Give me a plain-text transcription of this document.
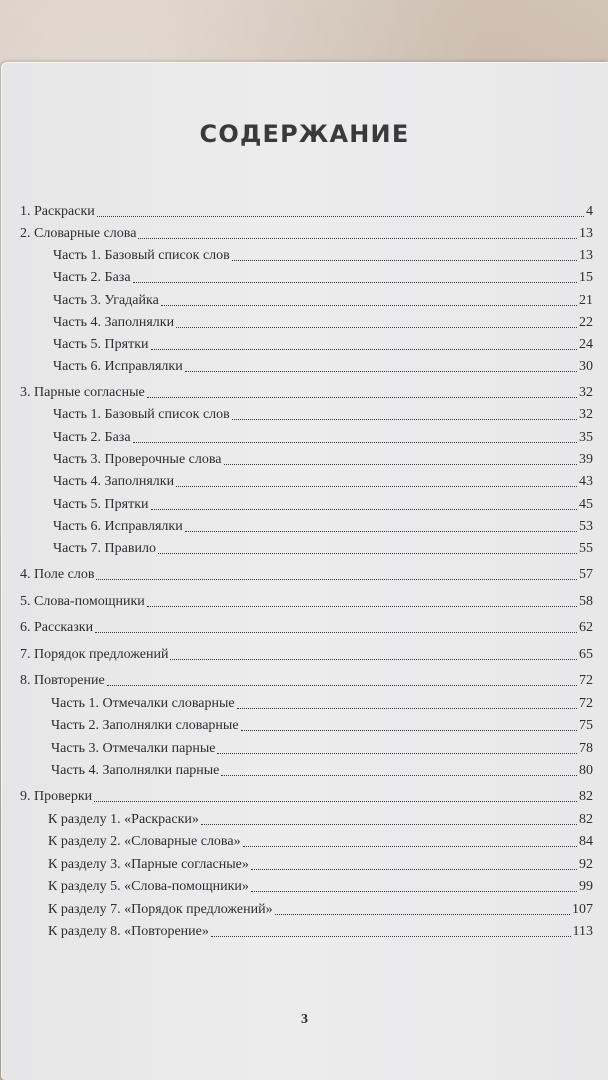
СОДЕРЖАНИЕ
1. Раскраски	4
2. Словарные слова	13
Часть 1. Базовый список слов	13
Часть 2. База	15
Часть 3. Угадайка	21
Часть 4. Заполнялки	22
Часть 5. Прятки	24
Часть 6. Исправлялки	30
3. Парные согласные	32
Часть 1. Базовый список слов	32
Часть 2. База	35
Часть 3. Проверочные слова	39
Часть 4. Заполнялки	43
Часть 5. Прятки	45
Часть 6. Исправлялки	53
Часть 7. Правило	55
4. Поле слов	57
5. Слова-помощники	58
6. Рассказки	62
7. Порядок предложений	65
8. Повторение	72
Часть 1. Отмечалки словарные	72
Часть 2. Заполнялки словарные	75
Часть 3. Отмечалки парные	78
Часть 4. Заполнялки парные	80
9. Проверки	82
К разделу 1. «Раскраски»	82
К разделу 2. «Словарные слова»	84
К разделу 3. «Парные согласные»	92
К разделу 5. «Слова-помощники»	99
К разделу 7. «Порядок предложений»	107
К разделу 8. «Повторение»	113
3
